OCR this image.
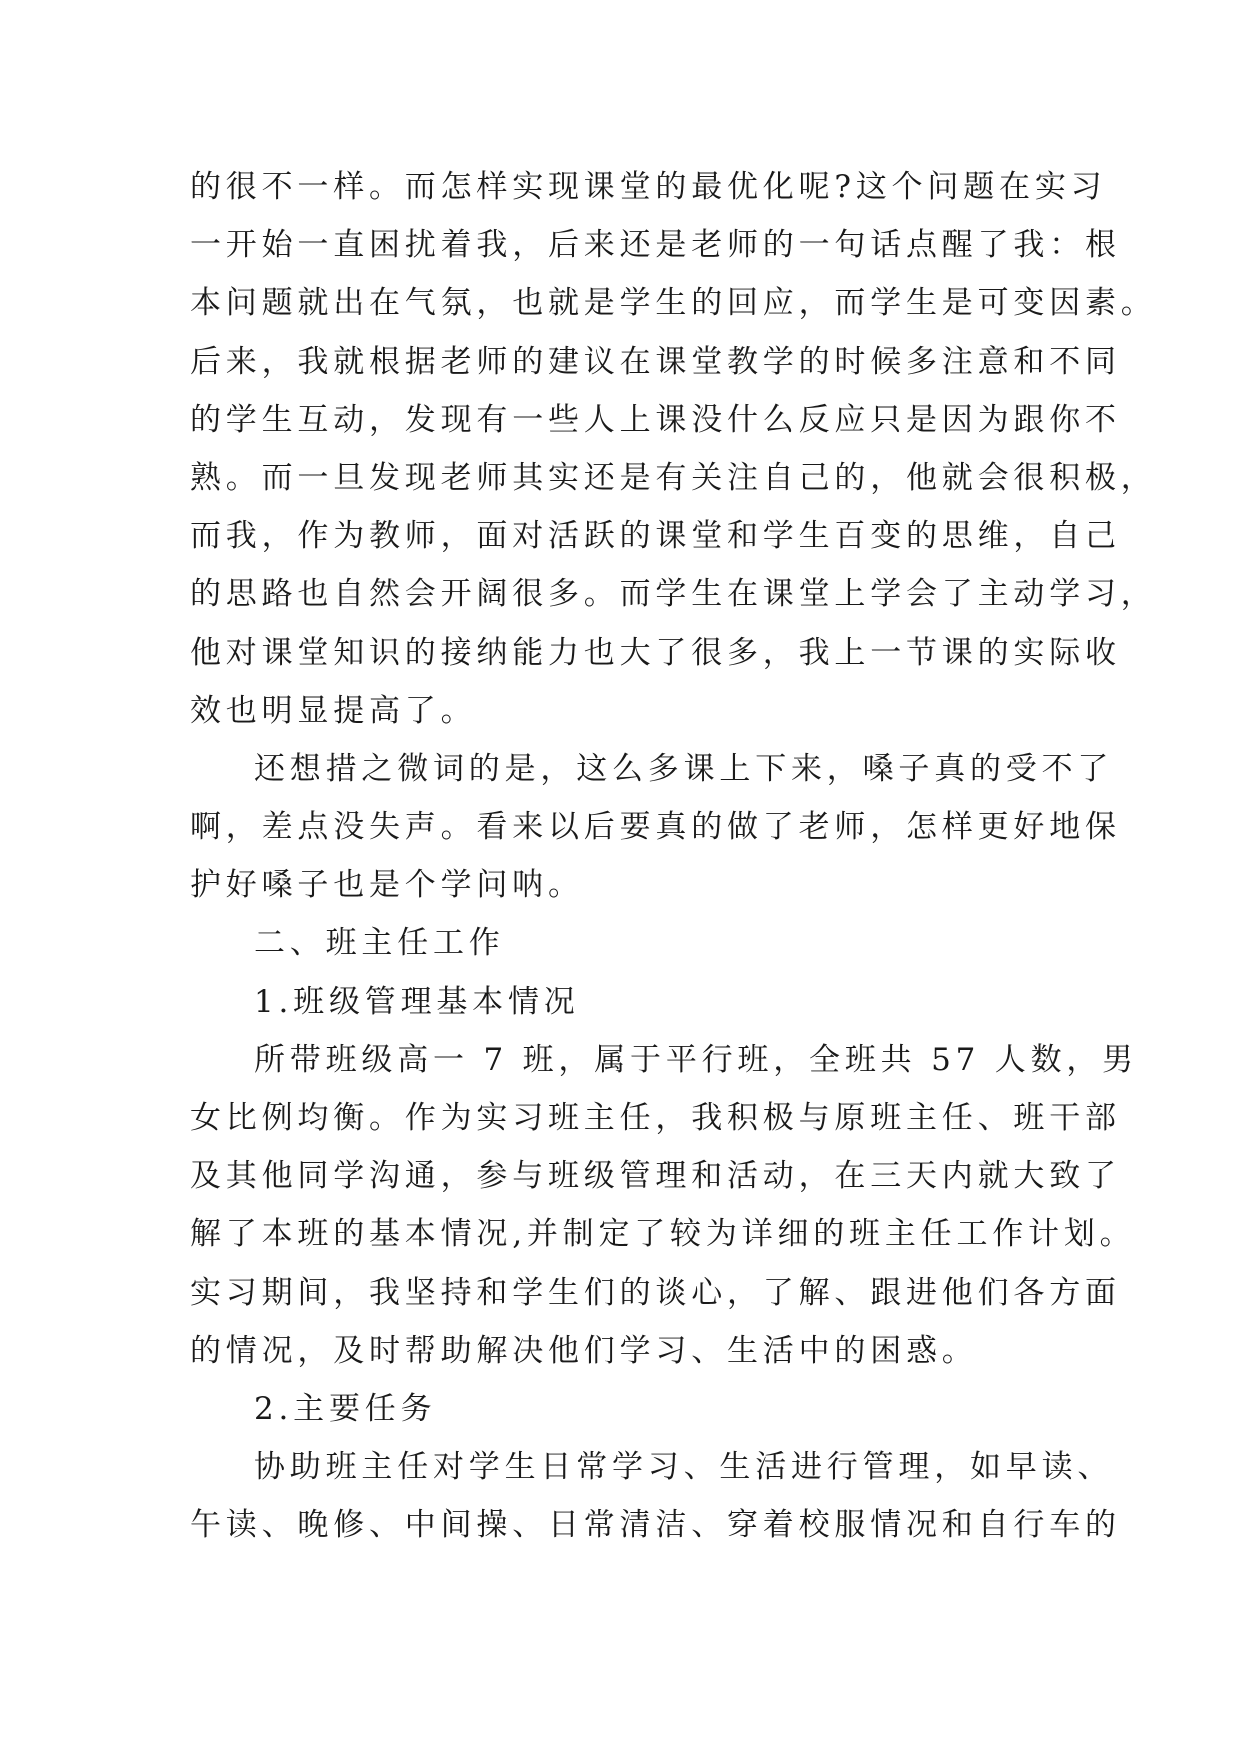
的很不一样。而怎样实现课堂的最优化呢?这个问题在实习
一开始一直困扰着我，后来还是老师的一句话点醒了我：根
本问题就出在气氛，也就是学生的回应，而学生是可变因素。
后来，我就根据老师的建议在课堂教学的时候多注意和不同
的学生互动，发现有一些人上课没什么反应只是因为跟你不
熟。而一旦发现老师其实还是有关注自己的，他就会很积极，
而我，作为教师，面对活跃的课堂和学生百变的思维，自己
的思路也自然会开阔很多。而学生在课堂上学会了主动学习，
他对课堂知识的接纳能力也大了很多，我上一节课的实际收
效也明显提高了。
还想措之微词的是，这么多课上下来，嗓子真的受不了
啊，差点没失声。看来以后要真的做了老师，怎样更好地保
护好嗓子也是个学问呐。
二、班主任工作
1.班级管理基本情况
所带班级高一 7 班，属于平行班，全班共 57 人数，男
女比例均衡。作为实习班主任，我积极与原班主任、班干部
及其他同学沟通，参与班级管理和活动，在三天内就大致了
解了本班的基本情况,并制定了较为详细的班主任工作计划。
实习期间，我坚持和学生们的谈心，了解、跟进他们各方面
的情况，及时帮助解决他们学习、生活中的困惑。
2.主要任务
协助班主任对学生日常学习、生活进行管理，如早读、
午读、晚修、中间操、日常清洁、穿着校服情况和自行车的
